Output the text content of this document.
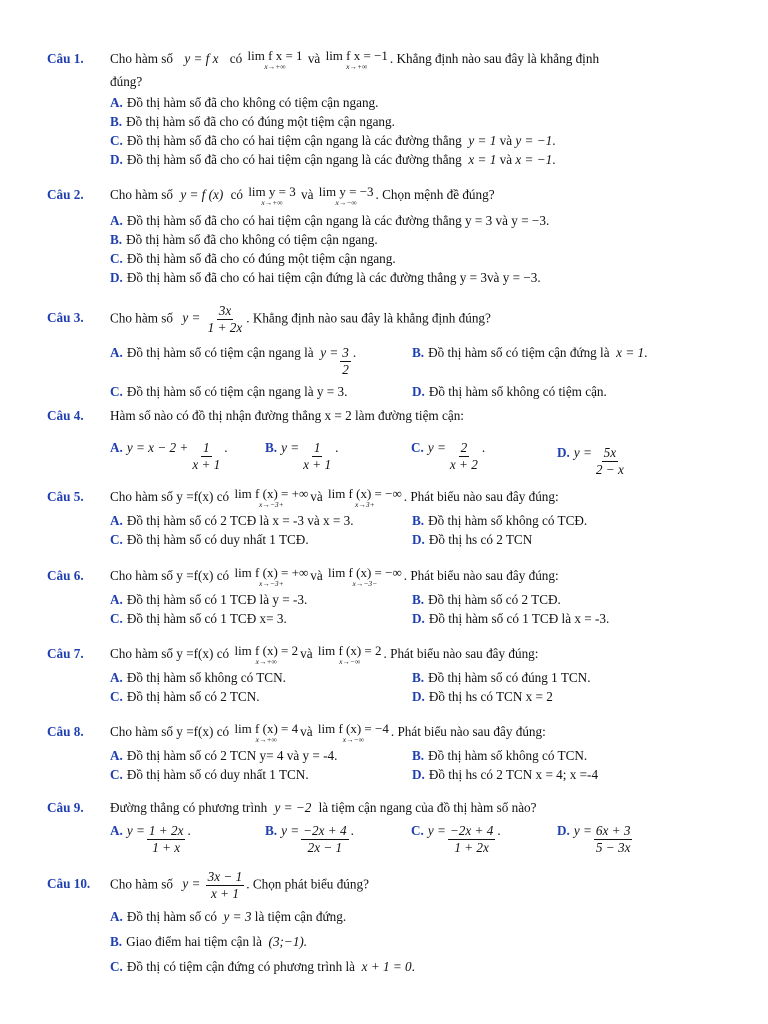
Câu 1.	Cho hàm số y = f x có lim f x = 1
x→+∞
và lim f x = −1
x→+∞
. Khẳng định nào sau đây là khẳng định
đúng?
A. Đồ thị hàm số đã cho không có tiệm cận ngang.
B. Đồ thị hàm số đã cho có đúng một tiệm cận ngang.
C. Đồ thị hàm số đã cho có hai tiệm cận ngang là các đường thẳng
y = 1
và
y = −1 .
D. Đồ thị hàm số đã cho có hai tiệm cận ngang là các đường thẳng
x = 1
và
x = −1 .
Câu 2.	Cho hàm số y = f (x) có lim y = 3
x→+∞
và lim y = −3
x→−∞
. Chọn mệnh đề đúng?
A. Đồ thị hàm số đã cho có hai tiệm cận ngang là các đường thẳng y = 3 và y = −3.
B. Đồ thị hàm số đã cho không có tiệm cận ngang.
C. Đồ thị hàm số đã cho có đúng một tiệm cận ngang.
D. Đồ thị hàm số đã cho có hai tiệm cận đứng là các đường thẳng y = 3và y = −3.
Câu 3.	Cho hàm số $y = \frac{3x}{1 + 2x}$ . Khẳng định nào sau đây là khẳng định đúng?
A. Đồ thị hàm số có tiệm cận ngang là
$y = \frac{3}{2}$ .	B. Đồ thị hàm số có tiệm cận đứng là
x = 1 .
C. Đồ thị hàm số có tiệm cận ngang là y = 3.	D. Đồ thị hàm số không có tiệm cận.
Câu 4.	Hàm số nào có đồ thị nhận đường thẳng x = 2 làm đường tiệm cận:
A. $y = x - 2 + \frac{1}{x + 1}$ .	B. $y = \frac{1}{x + 1}$ .	C. $y = \frac{2}{x + 2}$ .	D. $y = \frac{5x}{2 - x}$
Câu 5.	Cho hàm số y =f(x) có lim f (x) = +∞
x→−3+
và lim f (x) = −∞
x→3+
. Phát biểu nào sau đây đúng:
A. Đồ thị hàm số có 2 TCĐ là x = -3 và x = 3.	B. Đồ thị hàm số không có TCĐ.
C. Đồ thị hàm số có duy nhất 1 TCĐ.	D. Đồ thị hs có 2 TCN
Câu 6.	Cho hàm số y =f(x) có lim f (x) = +∞
x→−3+
và lim f (x) = −∞
x→−3−
. Phát biểu nào sau đây đúng:
A. Đồ thị hàm số có 1 TCĐ là y = -3.	B. Đồ thị hàm số có 2 TCĐ.
C. Đồ thị hàm số có 1 TCĐ x= 3.	D. Đồ thị hàm số có 1 TCĐ là x = -3.
Câu 7.	Cho hàm số y =f(x) có lim f (x) = 2
x→+∞
và lim f (x) = 2
x→−∞
. Phát biểu nào sau đây đúng:
A. Đồ thị hàm số không có TCN.	B. Đồ thị hàm số có đúng 1 TCN.
C. Đồ thị hàm số có 2 TCN.	D. Đồ thị hs có TCN x = 2
Câu 8.	Cho hàm số y =f(x) có lim f (x) = 4
x→+∞
và lim f (x) = −4
x→−∞
. Phát biểu nào sau đây đúng:
A. Đồ thị hàm số có 2 TCN y= 4 và y = -4.	B. Đồ thị hàm số không có TCN.
C. Đồ thị hàm số có duy nhất 1 TCN.	D. Đồ thị hs có 2 TCN x = 4; x =-4
Câu 9.	Đường thẳng có phương trình y = −2 là tiệm cận ngang của đồ thị hàm số nào?
A. $y = \frac{1 + 2x}{1 + x}$ .	B. $y = \frac{-2x + 4}{2x - 1}$ .	C. $y = \frac{-2x + 4}{1 + 2x}$ .	D. $y = \frac{6x + 3}{5 - 3x}$
Câu 10.	Cho hàm số $y = \frac{3x - 1}{x + 1}$ . Chọn phát biểu đúng?
A. Đồ thị hàm số có
y = 3
là tiệm cận đứng.
B. Giao điểm hai tiệm cận là
(3;−1).
C. Đồ thị có tiệm cận đứng có phương trình là
x + 1 = 0 .
